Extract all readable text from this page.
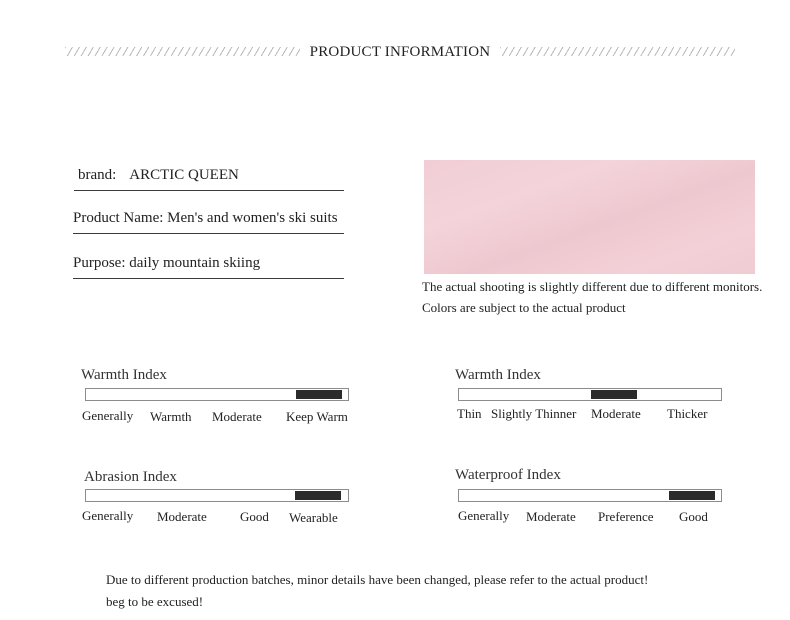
PRODUCT INFORMATION
brand: ARCTIC QUEEN
Product Name: Men's and women's ski suits
Purpose: daily mountain skiing
The actual shooting is slightly different due to different monitors.
Colors are subject to the actual product
Warmth Index
Generally Warmth Moderate Keep Warm
Warmth Index
Thin Slightly Thinner Moderate Thicker
Abrasion Index
Generally Moderate	Good Wearable
Waterproof Index
Generally Moderate Preference Good
Due to different production batches, minor details have been changed, please refer to the actual product!
beg to be excused!
